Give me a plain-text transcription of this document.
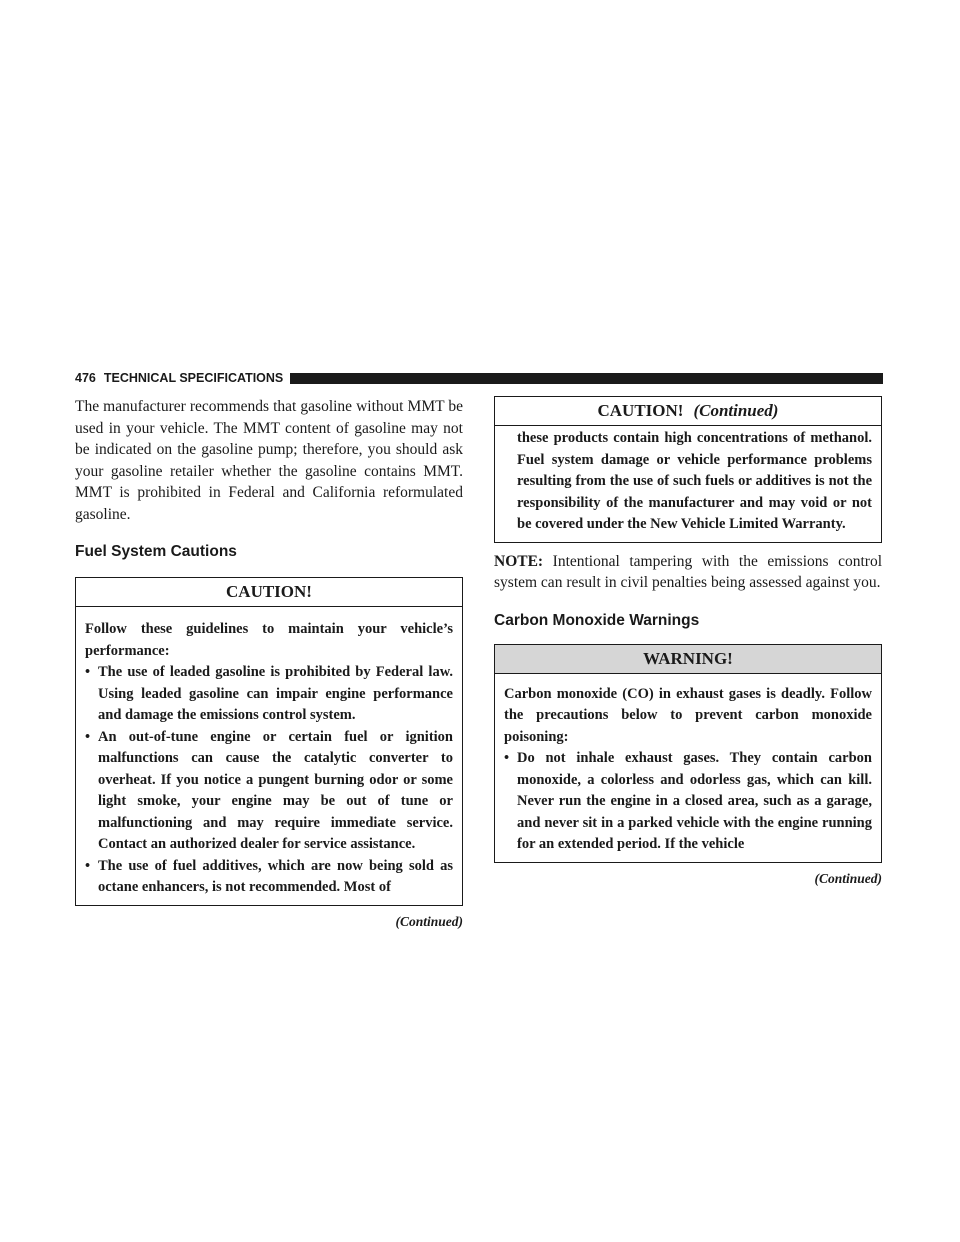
476 TECHNICAL SPECIFICATIONS

The manufacturer recommends that gasoline without MMT be used in your vehicle. The MMT content of gasoline may not be indicated on the gasoline pump; therefore, you should ask your gasoline retailer whether the gasoline contains MMT. MMT is prohibited in Federal and California reformulated gasoline.

Fuel System Cautions
CAUTION!

Follow these guidelines to maintain your vehicle’s performance:

• The use of leaded gasoline is prohibited by Federal law. Using leaded gasoline can impair engine performance and damage the emissions control system.
• An out-of-tune engine or certain fuel or ignition malfunctions can cause the catalytic converter to overheat. If you notice a pungent burning odor or some light smoke, your engine may be out of tune or malfunctioning and may require immediate service. Contact an authorized dealer for service assistance.
• The use of fuel additives, which are now being sold as octane enhancers, is not recommended. Most of
(Continued)
CAUTION! (Continued)

these products contain high concentrations of methanol. Fuel system damage or vehicle performance problems resulting from the use of such fuels or additives is not the responsibility of the manufacturer and may void or not be covered under the New Vehicle Limited Warranty.

NOTE: Intentional tampering with the emissions control system can result in civil penalties being assessed against you.

Carbon Monoxide Warnings
WARNING!

Carbon monoxide (CO) in exhaust gases is deadly. Follow the precautions below to prevent carbon monoxide poisoning:

• Do not inhale exhaust gases. They contain carbon monoxide, a colorless and odorless gas, which can kill. Never run the engine in a closed area, such as a garage, and never sit in a parked vehicle with the engine running for an extended period. If the vehicle
(Continued)
